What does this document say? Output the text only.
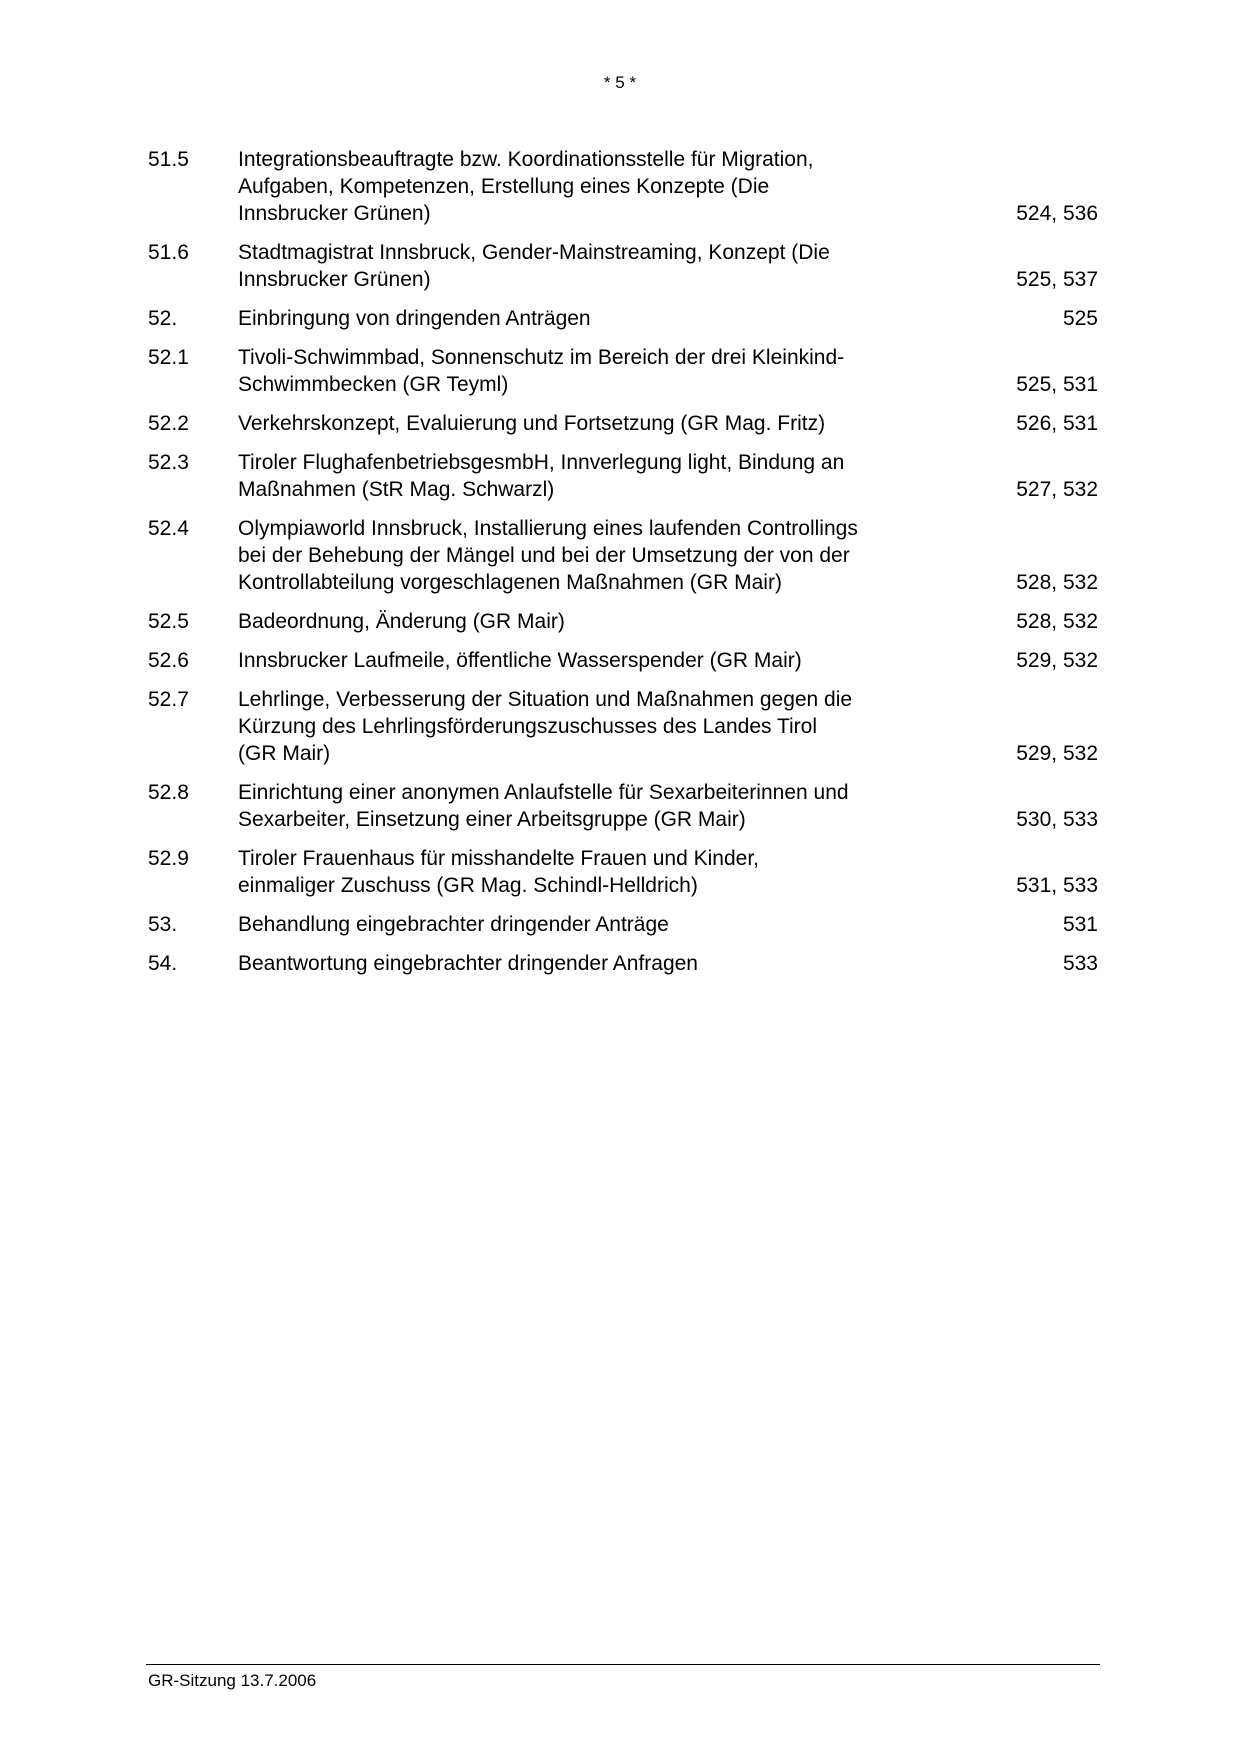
* 5 *
51.5	Integrationsbeauftragte bzw. Koordinationsstelle für Migration,
Aufgaben, Kompetenzen, Erstellung eines Konzepte (Die
Innsbrucker Grünen)	524, 536
51.6	Stadtmagistrat Innsbruck, Gender-Mainstreaming, Konzept (Die
Innsbrucker Grünen)	525, 537
52.	Einbringung von dringenden Anträgen	525
52.1	Tivoli-Schwimmbad, Sonnenschutz im Bereich der drei Kleinkind-
Schwimmbecken (GR Teyml)	525, 531
52.2	Verkehrskonzept, Evaluierung und Fortsetzung (GR Mag. Fritz)	526, 531
52.3	Tiroler FlughafenbetriebsgesmbH, Innverlegung light, Bindung an
Maßnahmen (StR Mag. Schwarzl)	527, 532
52.4	Olympiaworld Innsbruck, Installierung eines laufenden Controllings
bei der Behebung der Mängel und bei der Umsetzung der von der
Kontrollabteilung vorgeschlagenen Maßnahmen (GR Mair)	528, 532
52.5	Badeordnung, Änderung (GR Mair)	528, 532
52.6	Innsbrucker Laufmeile, öffentliche Wasserspender (GR Mair)	529, 532
52.7	Lehrlinge, Verbesserung der Situation und Maßnahmen gegen die
Kürzung des Lehrlingsförderungszuschusses des Landes Tirol
(GR Mair)	529, 532
52.8	Einrichtung einer anonymen Anlaufstelle für Sexarbeiterinnen und
Sexarbeiter, Einsetzung einer Arbeitsgruppe (GR Mair)	530, 533
52.9	Tiroler Frauenhaus für misshandelte Frauen und Kinder,
einmaliger Zuschuss (GR Mag. Schindl-Helldrich)	531, 533
53.	Behandlung eingebrachter dringender Anträge	531
54.	Beantwortung eingebrachter dringender Anfragen	533
GR-Sitzung 13.7.2006
